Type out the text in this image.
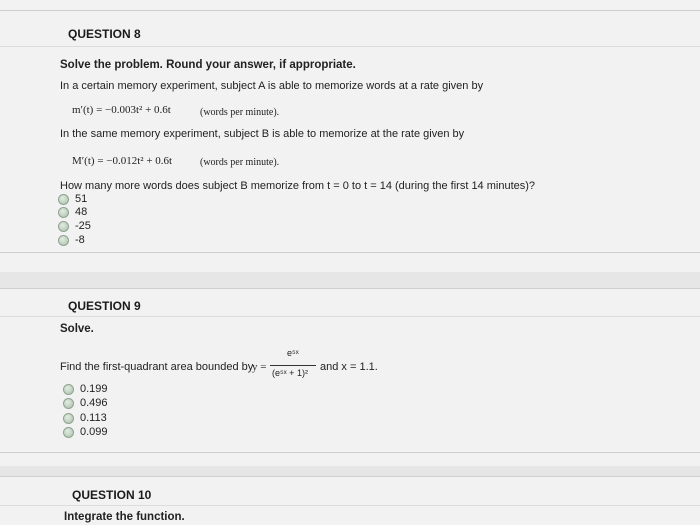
QUESTION 8
Solve the problem. Round your answer, if appropriate.
In a certain memory experiment, subject A is able to memorize words at a rate given by
m′(t) = −0.003t² + 0.6t	(words per minute).
In the same memory experiment, subject B is able to memorize at the rate given by
M′(t) = −0.012t² + 0.6t	(words per minute).
How many more words does subject B memorize from t = 0 to t = 14 (during the first 14 minutes)?
51
48
-25
-8
QUESTION 9
Solve.
Find the first-quadrant area bounded by
y =
e⁵ˣ
(e⁵ˣ + 1)² and x = 1.1.
0.199
0.496
0.113
0.099
QUESTION 10
Integrate the function.
